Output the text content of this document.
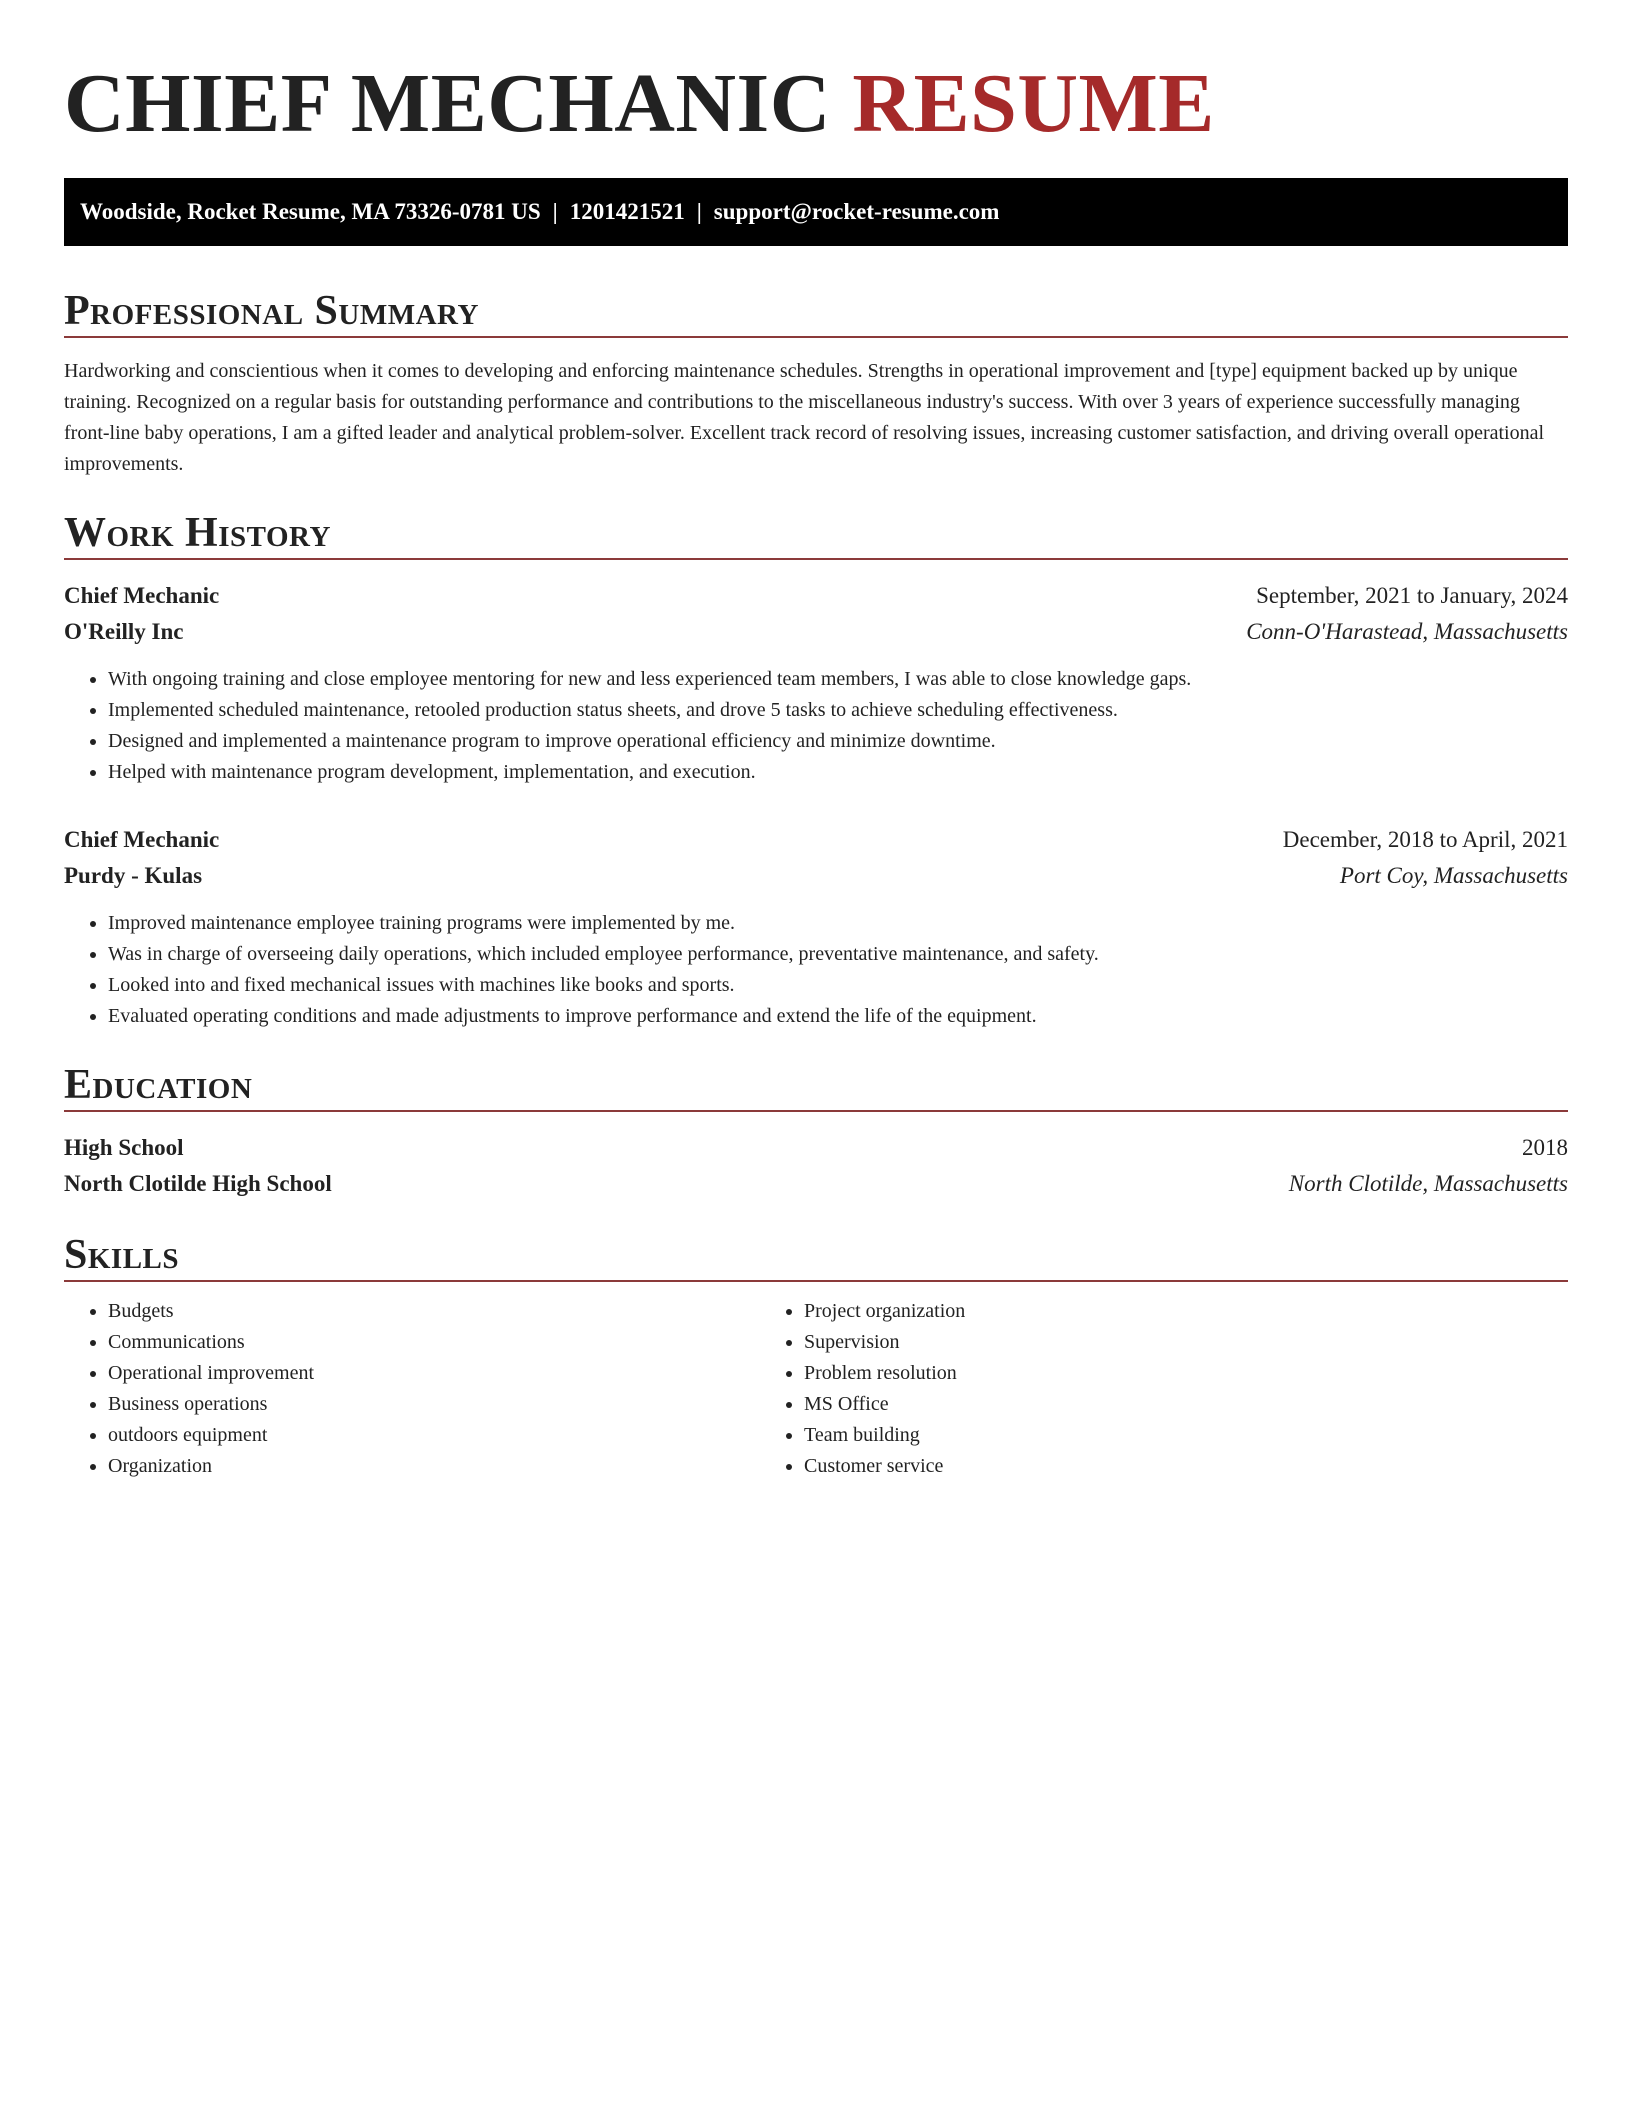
CHIEF MECHANIC RESUME
Woodside, Rocket Resume, MA 73326-0781 US | 1201421521 | support@rocket-resume.com
Professional Summary

Hardworking and conscientious when it comes to developing and enforcing maintenance schedules. Strengths in operational improvement and [type] equipment backed up by unique training. Recognized on a regular basis for outstanding performance and contributions to the miscellaneous industry's success. With over 3 years of experience successfully managing front-line baby operations, I am a gifted leader and analytical problem-solver. Excellent track record of resolving issues, increasing customer satisfaction, and driving overall operational improvements.

Work History
Chief Mechanic	September, 2021 to January, 2024
O'Reilly Inc	Conn-O'Harastead, Massachusetts
• With ongoing training and close employee mentoring for new and less experienced team members, I was able to close knowledge gaps.
• Implemented scheduled maintenance, retooled production status sheets, and drove 5 tasks to achieve scheduling effectiveness.
• Designed and implemented a maintenance program to improve operational efficiency and minimize downtime.
• Helped with maintenance program development, implementation, and execution.
Chief Mechanic	December, 2018 to April, 2021
Purdy - Kulas	Port Coy, Massachusetts
• Improved maintenance employee training programs were implemented by me.
• Was in charge of overseeing daily operations, which included employee performance, preventative maintenance, and safety.
• Looked into and fixed mechanical issues with machines like books and sports.
• Evaluated operating conditions and made adjustments to improve performance and extend the life of the equipment.
Education
High School	2018
North Clotilde High School	North Clotilde, Massachusetts
Skills
• Budgets
• Communications
• Operational improvement
• Business operations
• outdoors equipment
• Organization
• Project organization
• Supervision
• Problem resolution
• MS Office
• Team building
• Customer service
